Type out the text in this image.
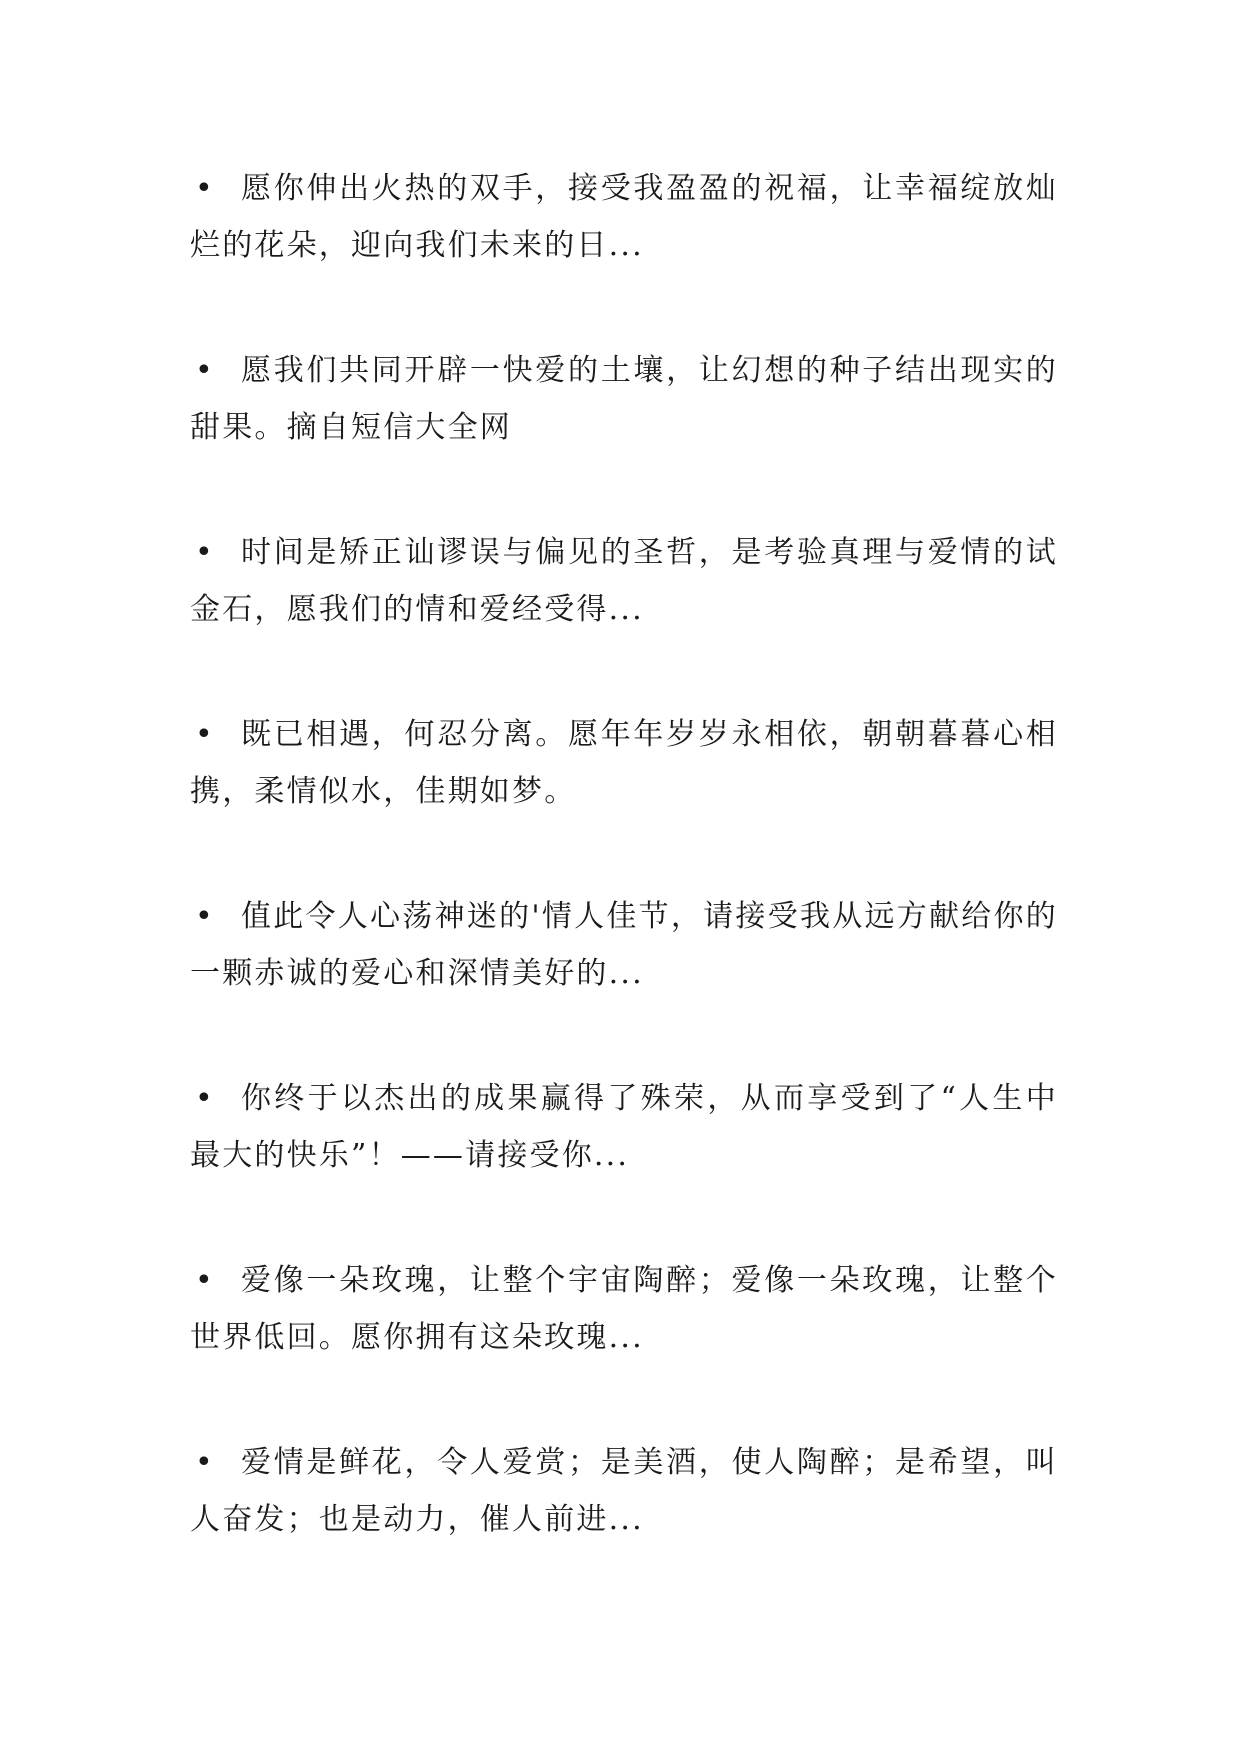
• 愿你伸出火热的双手，接受我盈盈的祝福，让幸福绽放灿烂的花朵，迎向我们未来的日...
• 愿我们共同开辟一快爱的土壤，让幻想的种子结出现实的甜果。摘自短信大全网
• 时间是矫正讪谬误与偏见的圣哲，是考验真理与爱情的试金石，愿我们的情和爱经受得...
• 既已相遇，何忍分离。愿年年岁岁永相依，朝朝暮暮心相携，柔情似水，佳期如梦。
• 值此令人心荡神迷的'情人佳节，请接受我从远方献给你的一颗赤诚的爱心和深情美好的...
• 你终于以杰出的成果赢得了殊荣，从而享受到了“人生中最大的快乐”！——请接受你...
• 爱像一朵玫瑰，让整个宇宙陶醉；爱像一朵玫瑰，让整个世界低回。愿你拥有这朵玫瑰...
• 爱情是鲜花，令人爱赏；是美酒，使人陶醉；是希望，叫人奋发；也是动力，催人前进...
